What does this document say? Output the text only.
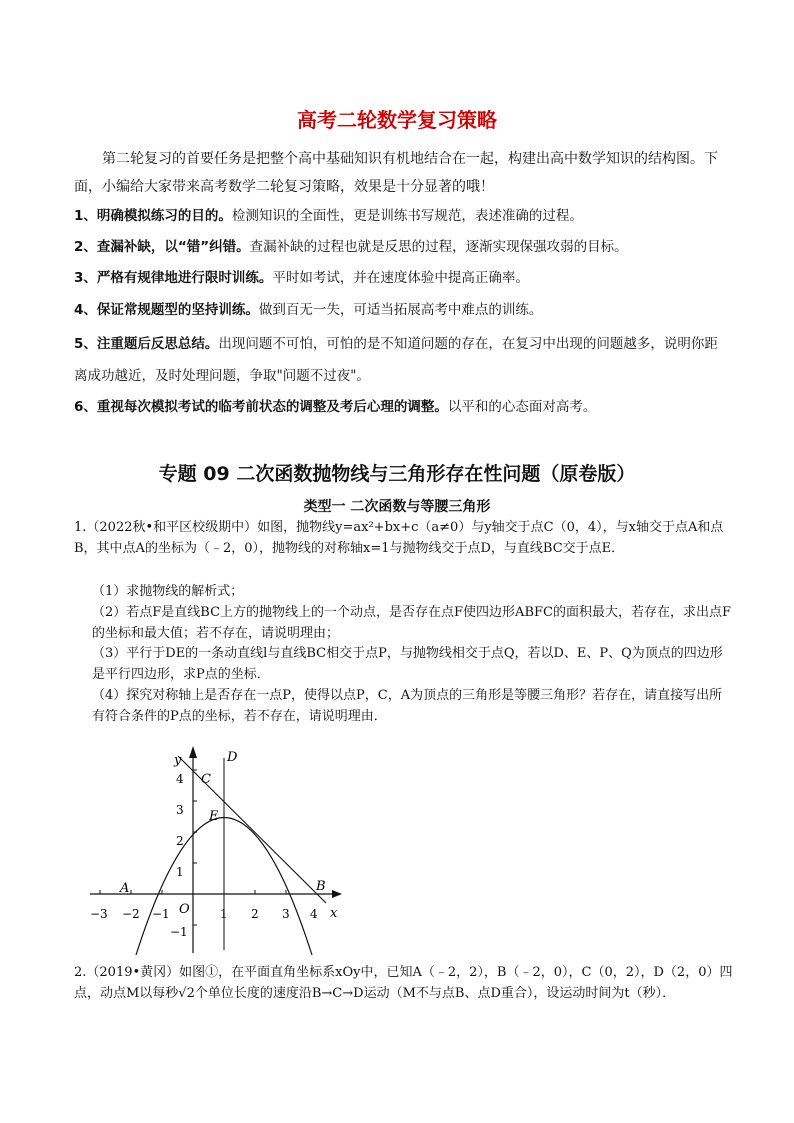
高考二轮数学复习策略
第二轮复习的首要任务是把整个高中基础知识有机地结合在一起，构建出高中数学知识的结构图。下面，小编给大家带来高考数学二轮复习策略，效果是十分显著的哦！
1、明确模拟练习的目的。检测知识的全面性，更是训练书写规范，表述准确的过程。
2、查漏补缺，以“错”纠错。查漏补缺的过程也就是反思的过程，逐渐实现保强攻弱的目标。
3、严格有规律地进行限时训练。平时如考试，并在速度体验中提高正确率。
4、保证常规题型的坚持训练。做到百无一失，可适当拓展高考中难点的训练。
5、注重题后反思总结。出现问题不可怕，可怕的是不知道问题的存在，在复习中出现的问题越多，说明你距离成功越近，及时处理问题，争取"问题不过夜"。
6、重视每次模拟考试的临考前状态的调整及考后心理的调整。以平和的心态面对高考。
专题 09 二次函数抛物线与三角形存在性问题（原卷版）
类型一 二次函数与等腰三角形
1.（2022秋•和平区校级期中）如图，抛物线y=ax²+bx+c（a≠0）与y轴交于点C（0，4），与x轴交于点A和点B，其中点A的坐标为（﹣2，0），抛物线的对称轴x=1与抛物线交于点D，与直线BC交于点E．
（1）求抛物线的解析式；
（2）若点F是直线BC上方的抛物线上的一个动点，是否存在点F使四边形ABFC的面积最大，若存在，求出点F的坐标和最大值；若不存在，请说明理由；
（3）平行于DE的一条动直线l与直线BC相交于点P，与抛物线相交于点Q，若以D、E、P、Q为顶点的四边形是平行四边形，求P点的坐标．
（4）探究对称轴上是否存在一点P，使得以点P，C，A为顶点的三角形是等腰三角形？若存在，请直接写出所有符合条件的P点的坐标，若不存在，请说明理由．
−3 −2 −1	1 2 3 4
4
3
2
1
−1
x
y
O
A	B
C
D
E
2.（2019•黄冈）如图①，在平面直角坐标系xOy中，已知A（﹣2，2），B（﹣2，0），C（0，2），D（2，0）四点，动点M以每秒√2个单位长度的速度沿B→C→D运动（M不与点B、点D重合），设运动时间为t（秒）．
